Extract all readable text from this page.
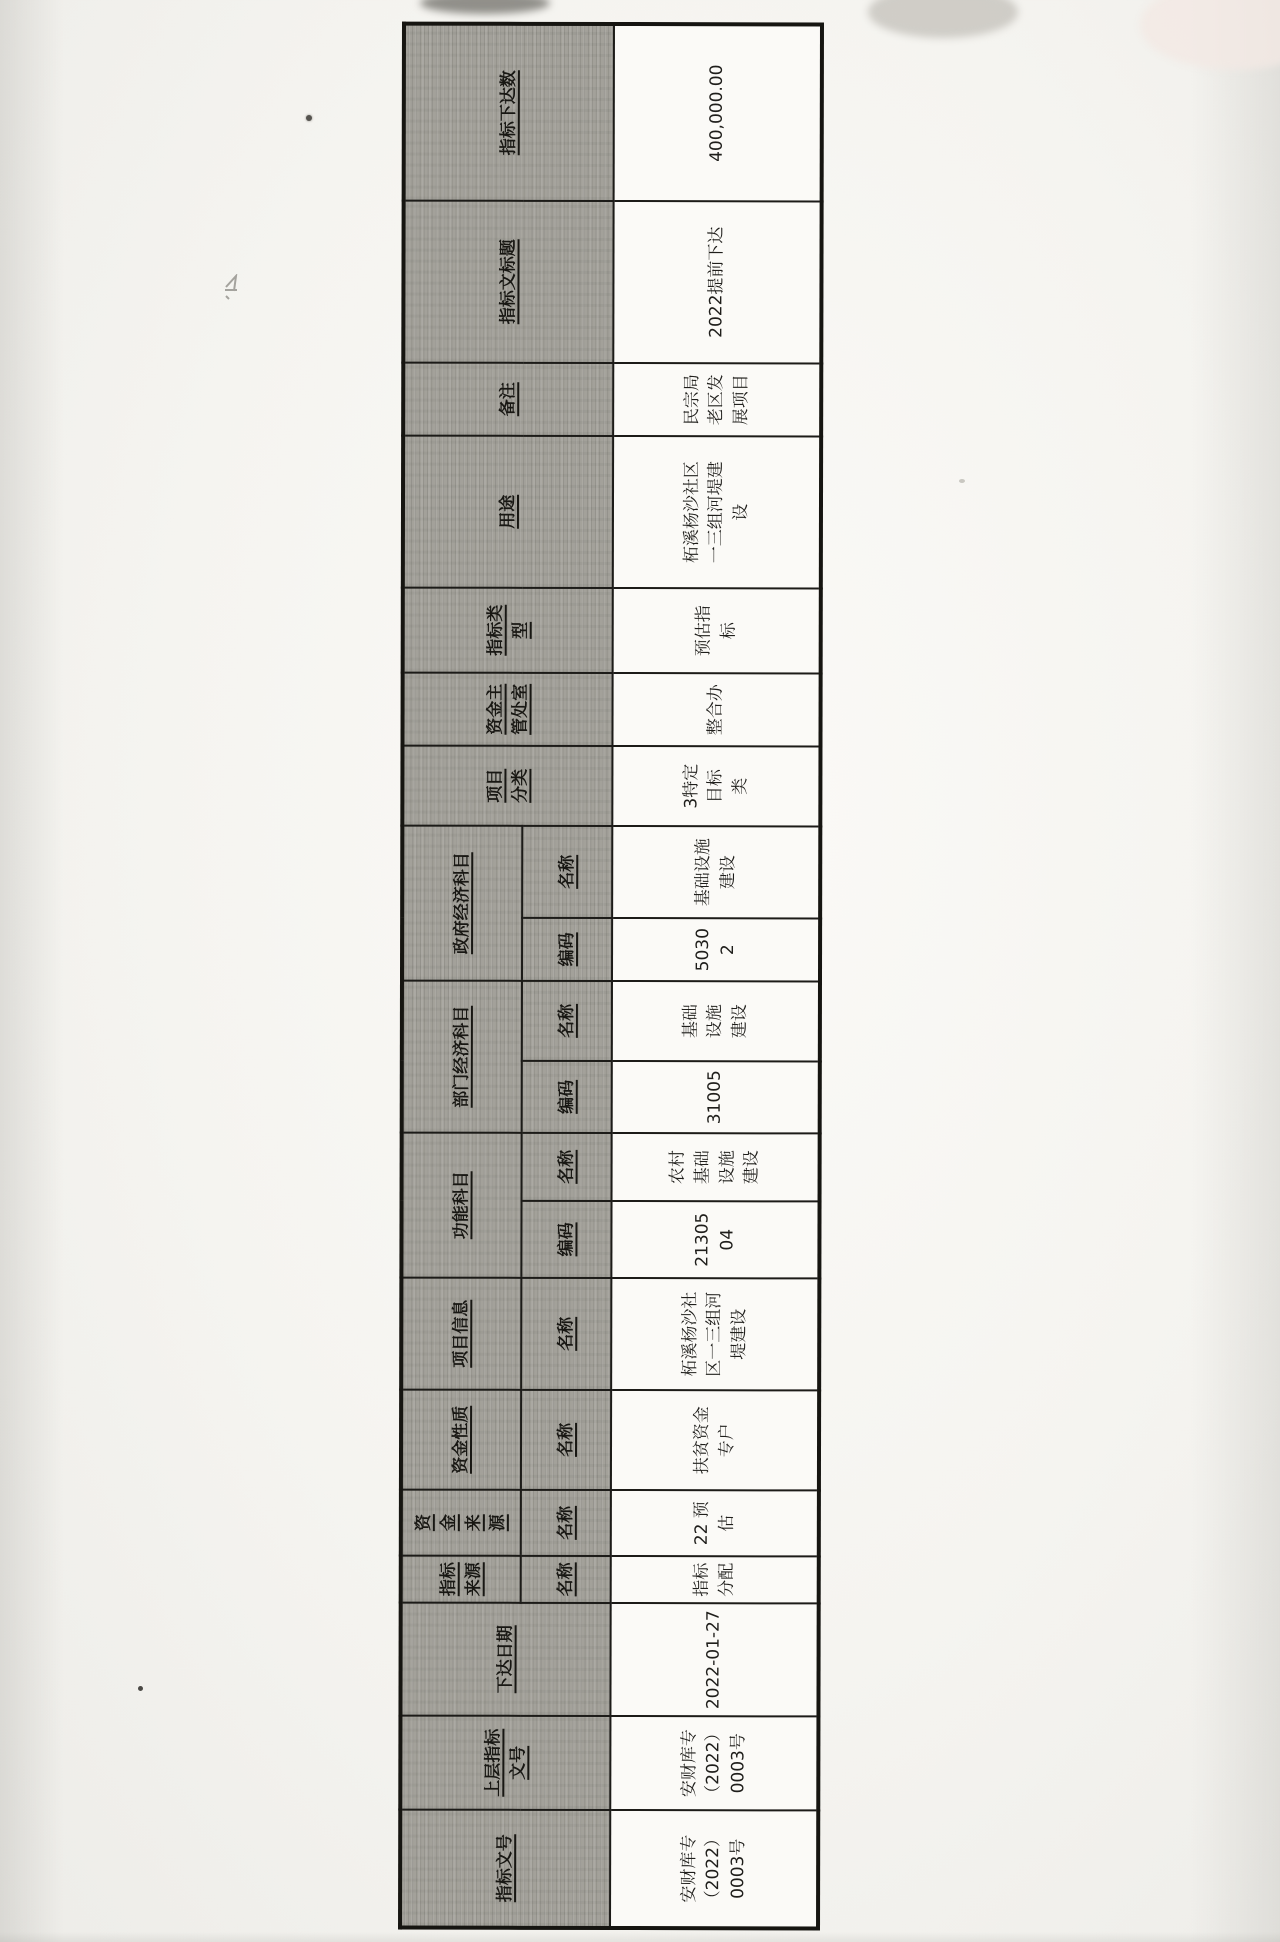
指标文号	上层指标文号	下达日期	指标来源	资金来源	资金性质	项目信息	功能科目		部门经济科目		政府经济科目		项目分类	资金主管处室	指标类型	用途	备注	指标文标题	指标下达数
			名称	名称	名称	名称	编码	名称	编码	名称	编码	名称							
安财库专（2022）0003号	安财库专（2022）0003号	2022-01-27	指标分配	22 预估	扶贫资金专户	柘溪杨沙社区一三组河堤建设	2130504	农村基础设施建设	31005	基础设施建设	50302	基础设施建设	3特定目标类	整合办	预估指标	柘溪杨沙社区一三组河堤建设	民宗局老区发展项目	2022提前下达	400,000.00
